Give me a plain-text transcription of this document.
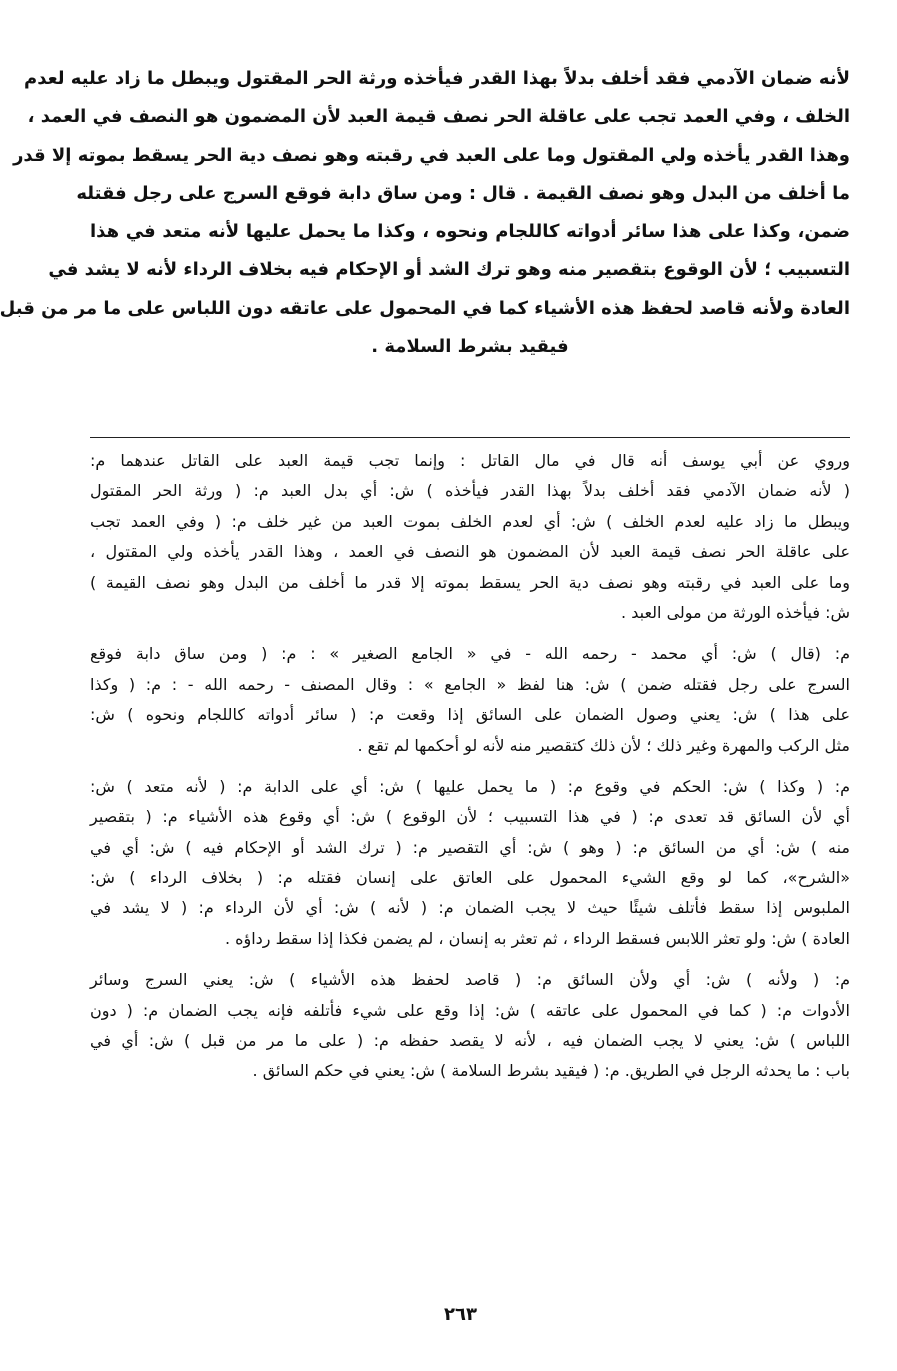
لأنه ضمان الآدمي فقد أخلف بدلاً بهذا القدر فيأخذه ورثة الحر المقتول ويبطل ما زاد عليه لعدم
الخلف ، وفي العمد تجب على عاقلة الحر نصف قيمة العبد لأن المضمون هو النصف في العمد ،
وهذا القدر يأخذه ولي المقتول وما على العبد في رقبته وهو نصف دية الحر يسقط بموته إلا قدر
ما أخلف من البدل وهو نصف القيمة . قال : ومن ساق دابة فوقع السرج على رجل فقتله
ضمن، وكذا على هذا سائر أدواته كاللجام ونحوه ، وكذا ما يحمل عليها لأنه متعد في هذا
التسبيب ؛ لأن الوقوع بتقصير منه وهو ترك الشد أو الإحكام فيه بخلاف الرداء لأنه لا يشد في
العادة ولأنه قاصد لحفظ هذه الأشياء كما في المحمول على عاتقه دون اللباس على ما مر من قبل
فيقيد بشرط السلامة .
وروي عن أبي يوسف أنه قال في مال القاتل : وإنما تجب قيمة العبد على القاتل عندهما م:
( لأنه ضمان الآدمي فقد أخلف بدلاً بهذا القدر فيأخذه ) ش: أي بدل العبد م: ( ورثة الحر المقتول
ويبطل ما زاد عليه لعدم الخلف ) ش: أي لعدم الخلف بموت العبد من غير خلف م: ( وفي العمد تجب
على عاقلة الحر نصف قيمة العبد لأن المضمون هو النصف في العمد ، وهذا القدر يأخذه ولي المقتول ،
وما على العبد في رقبته وهو نصف دية الحر يسقط بموته إلا قدر ما أخلف من البدل وهو نصف القيمة )
ش: فيأخذه الورثة من مولى العبد .
م: (قال ) ش: أي محمد - رحمه الله - في « الجامع الصغير » : م: ( ومن ساق دابة فوقع
السرج على رجل فقتله ضمن ) ش: هنا لفظ « الجامع » : وقال المصنف - رحمه الله - : م: ( وكذا
على هذا ) ش: يعني وصول الضمان على السائق إذا وقعت م: ( سائر أدواته كاللجام ونحوه ) ش:
مثل الركب والمهرة وغير ذلك ؛ لأن ذلك كتقصير منه لأنه لو أحكمها لم تقع .
م: ( وكذا ) ش: الحكم في وقوع م: ( ما يحمل عليها ) ش: أي على الدابة م: ( لأنه متعد ) ش:
أي لأن السائق قد تعدى م: ( في هذا التسبيب ؛ لأن الوقوع ) ش: أي وقوع هذه الأشياء م: ( بتقصير
منه ) ش: أي من السائق م: ( وهو ) ش: أي التقصير م: ( ترك الشد أو الإحكام فيه ) ش: أي في
«الشرح»، كما لو وقع الشيء المحمول على العاتق على إنسان فقتله م: ( بخلاف الرداء ) ش:
الملبوس إذا سقط فأتلف شيئًا حيث لا يجب الضمان م: ( لأنه ) ش: أي لأن الرداء م: ( لا يشد في
العادة ) ش: ولو تعثر اللابس فسقط الرداء ، ثم تعثر به إنسان ، لم يضمن فكذا إذا سقط رداؤه .
م: ( ولأنه ) ش: أي ولأن السائق م: ( قاصد لحفظ هذه الأشياء ) ش: يعني السرج وسائر
الأدوات م: ( كما في المحمول على عاتقه ) ش: إذا وقع على شيء فأتلفه فإنه يجب الضمان م: ( دون
اللباس ) ش: يعني لا يجب الضمان فيه ، لأنه لا يقصد حفظه م: ( على ما مر من قبل ) ش: أي في
باب : ما يحدثه الرجل في الطريق. م: ( فيقيد بشرط السلامة ) ش: يعني في حكم السائق .
٢٦٣
